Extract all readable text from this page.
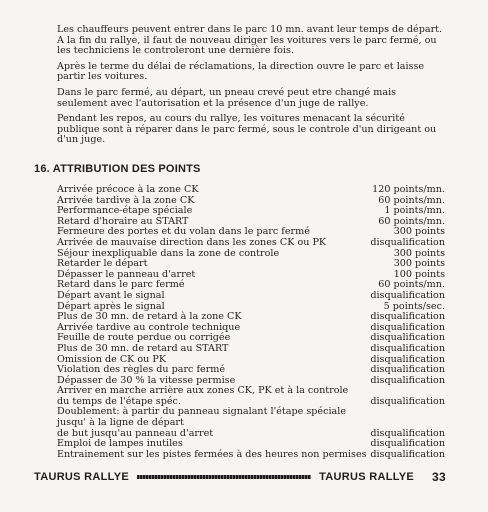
Les chauffeurs peuvent entrer dans le parc 10 mn. avant leur temps de départ. A la fin du rallye, il faut de nouveau diriger les voitures vers le parc fermé, ou les techniciens le controleront une dernière fois.

Après le terme du délai de réclamations, la direction ouvre le parc et laisse partir les voitures.

Dans le parc fermé, au départ, un pneau crevé peut etre changé mais seulement avec l'autorisation et la présence d'un juge de rallye.

Pendant les repos, au cours du rallye, les voitures menacant la sécurité publique sont à réparer dans le parc fermé, sous le controle d'un dirigeant ou d'un juge.

16. ATTRIBUTION DES POINTS
Arrivée précoce à la zone CK	120 points/mn.
Arrivée tardive à la zone CK	60 points/mn.
Performance-étape spéciale	1 points/mn.
Retard d'horaire au START	60 points/mn.
Fermeure des portes et du volan dans le parc fermé	300 points
Arrivée de mauvaise direction dans les zones CK ou PK	disqualification
Séjour inexpliquable dans la zone de controle	300 points
Retarder le départ	300 points
Dépasser le panneau d'arret	100 points
Retard dans le parc fermé	60 points/mn.
Départ avant le signal	disqualification
Départ après le signal	5 points/sec.
Plus de 30 mn. de retard à la zone CK	disqualification
Arrivée tardive au controle technique	disqualification
Feuille de route perdue ou corrigée	disqualification
Plus de 30 mn. de retard au START	disqualification
Omission de CK ou PK	disqualification
Violation des règles du parc fermé	disqualification
Dépasser de 30 % la vitesse permise	disqualification
Arriver en marche arrière aux zones CK, PK et à la controle
du temps de l'étape spéc.	disqualification
Doublement: à partir du panneau signalant l'étape spéciale
jusqu' à la ligne de départ
de but jusqu'au panneau d'arret	disqualification
Emploi de lampes inutiles	disqualification
Entrainement sur les pistes fermées à des heures non permises disqualification
TAURUS RALLYE	TAURUS RALLYE 33
